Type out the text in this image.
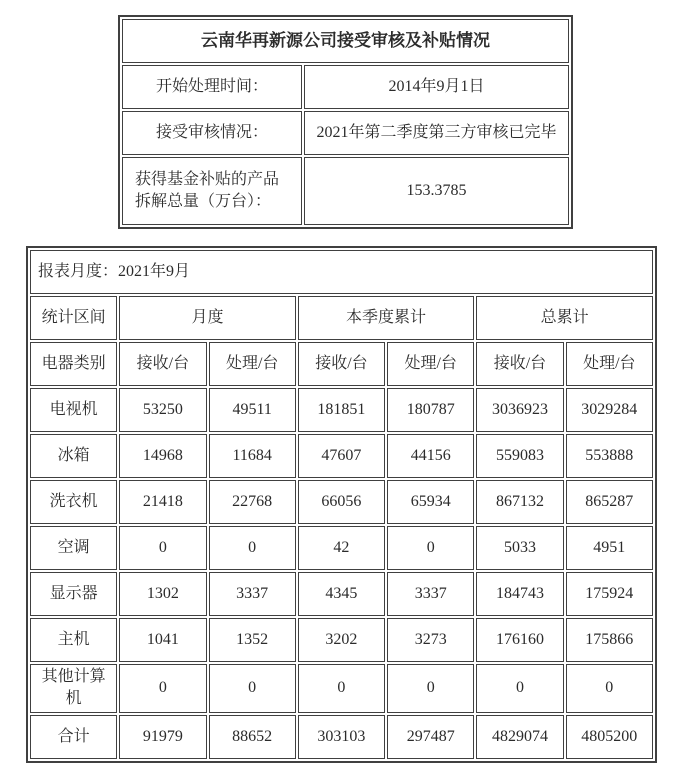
云南华再新源公司接受审核及补贴情况	
开始处理时间：	2014年9月1日
接受审核情况：	2021年第二季度第三方审核已完毕
获得基金补贴的产品拆解总量（万台）：	153.3785
报表月度：2021年9月						
统计区间	月度		本季度累计		总累计	
电器类别	接收/台	处理/台	接收/台	处理/台	接收/台	处理/台
电视机	53250	49511	181851	180787	3036923	3029284
冰箱	14968	11684	47607	44156	559083	553888
洗衣机	21418	22768	66056	65934	867132	865287
空调	0	0	42	0	5033	4951
显示器	1302	3337	4345	3337	184743	175924
主机	1041	1352	3202	3273	176160	175866
其他计算机	0	0	0	0	0	0
合计	91979	88652	303103	297487	4829074	4805200
